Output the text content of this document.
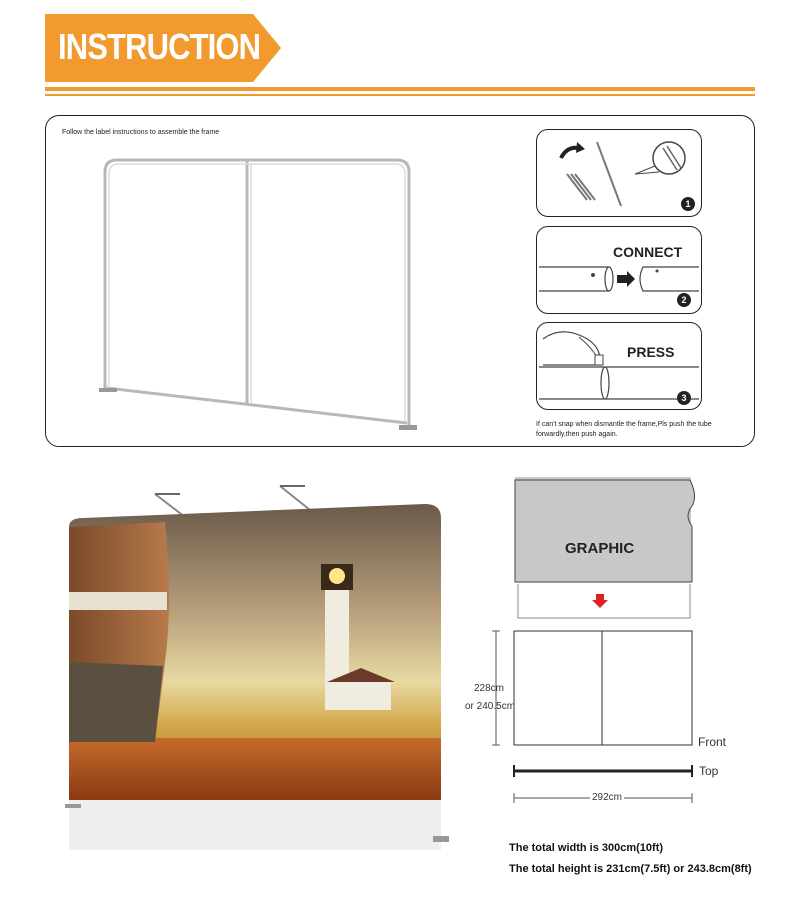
INSTRUCTION
Follow the label instructions to assemble the frame
1
CONNECT
2
PRESS
3
If can't snap when dismantle the frame,Pls push the tube forwardly,then push again.
GRAPHIC
228cm
or 240.5cm
Front
Top
292cm
The total width is 300cm(10ft)
The total height is 231cm(7.5ft) or 243.8cm(8ft)
